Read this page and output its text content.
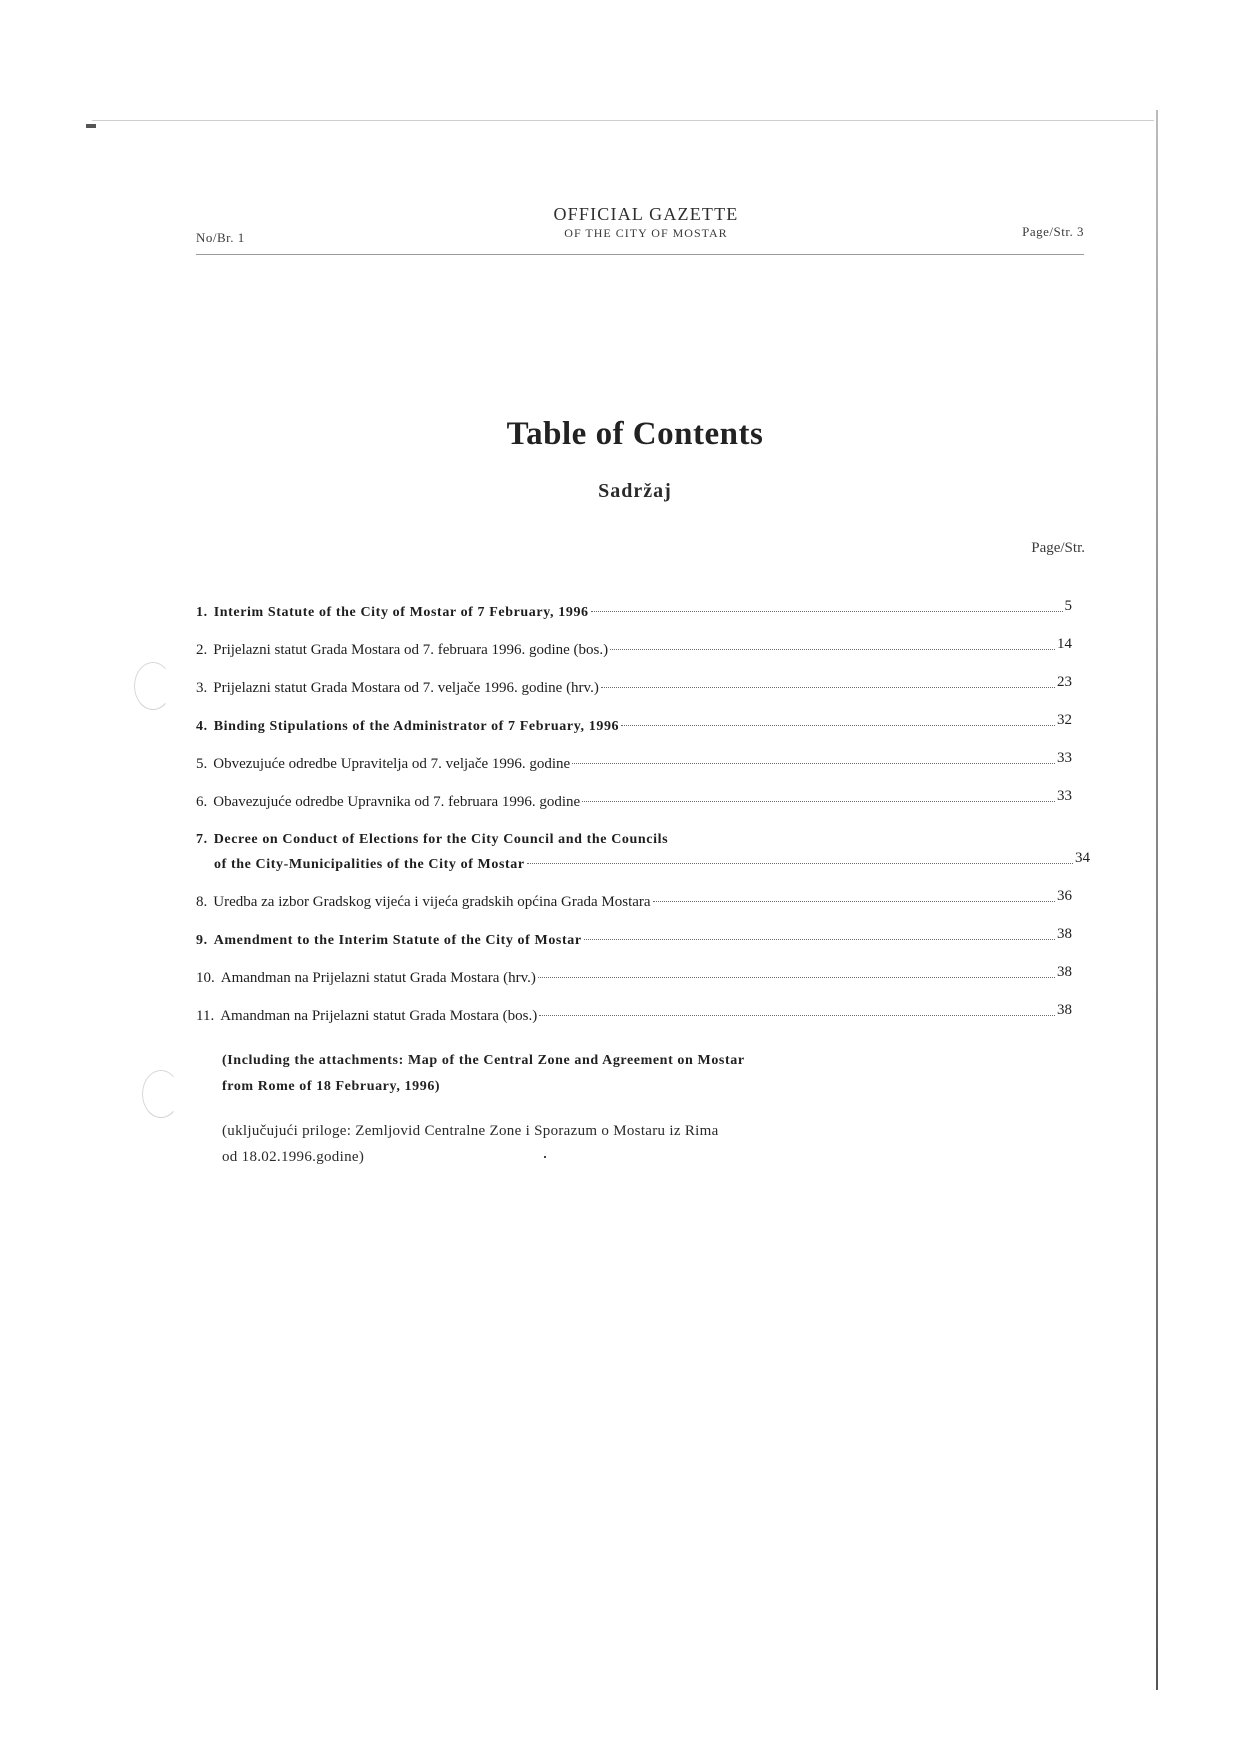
No/Br. 1
OFFICIAL GAZETTE
OF THE CITY OF MOSTAR	Page/Str. 3
Table of Contents
Sadržaj
Page/Str.
1. Interim Statute of the City of Mostar of 7 February, 1996	5
2. Prijelazni statut Grada Mostara od 7. februara 1996. godine (bos.)	14
3. Prijelazni statut Grada Mostara od 7. veljače 1996. godine (hrv.)	23
4. Binding Stipulations of the Administrator of 7 February, 1996	32
5. Obvezujuće odredbe Upravitelja od 7. veljače 1996. godine	33
6. Obavezujuće odredbe Upravnika od 7. februara 1996. godine	33
7. Decree on Conduct of Elections for the City Council and the Councils
of the City-Municipalities of the City of Mostar	34
8. Uredba za izbor Gradskog vijeća i vijeća gradskih općina Grada Mostara	36
9. Amendment to the Interim Statute of the City of Mostar	38
10. Amandman na Prijelazni statut Grada Mostara (hrv.)	38
11. Amandman na Prijelazni statut Grada Mostara (bos.)	38
(Including the attachments: Map of the Central Zone and Agreement on Mostar
from Rome of 18 February, 1996)
(uključujući priloge: Zemljovid Centralne Zone i Sporazum o Mostaru iz Rima
od 18.02.1996.godine)
